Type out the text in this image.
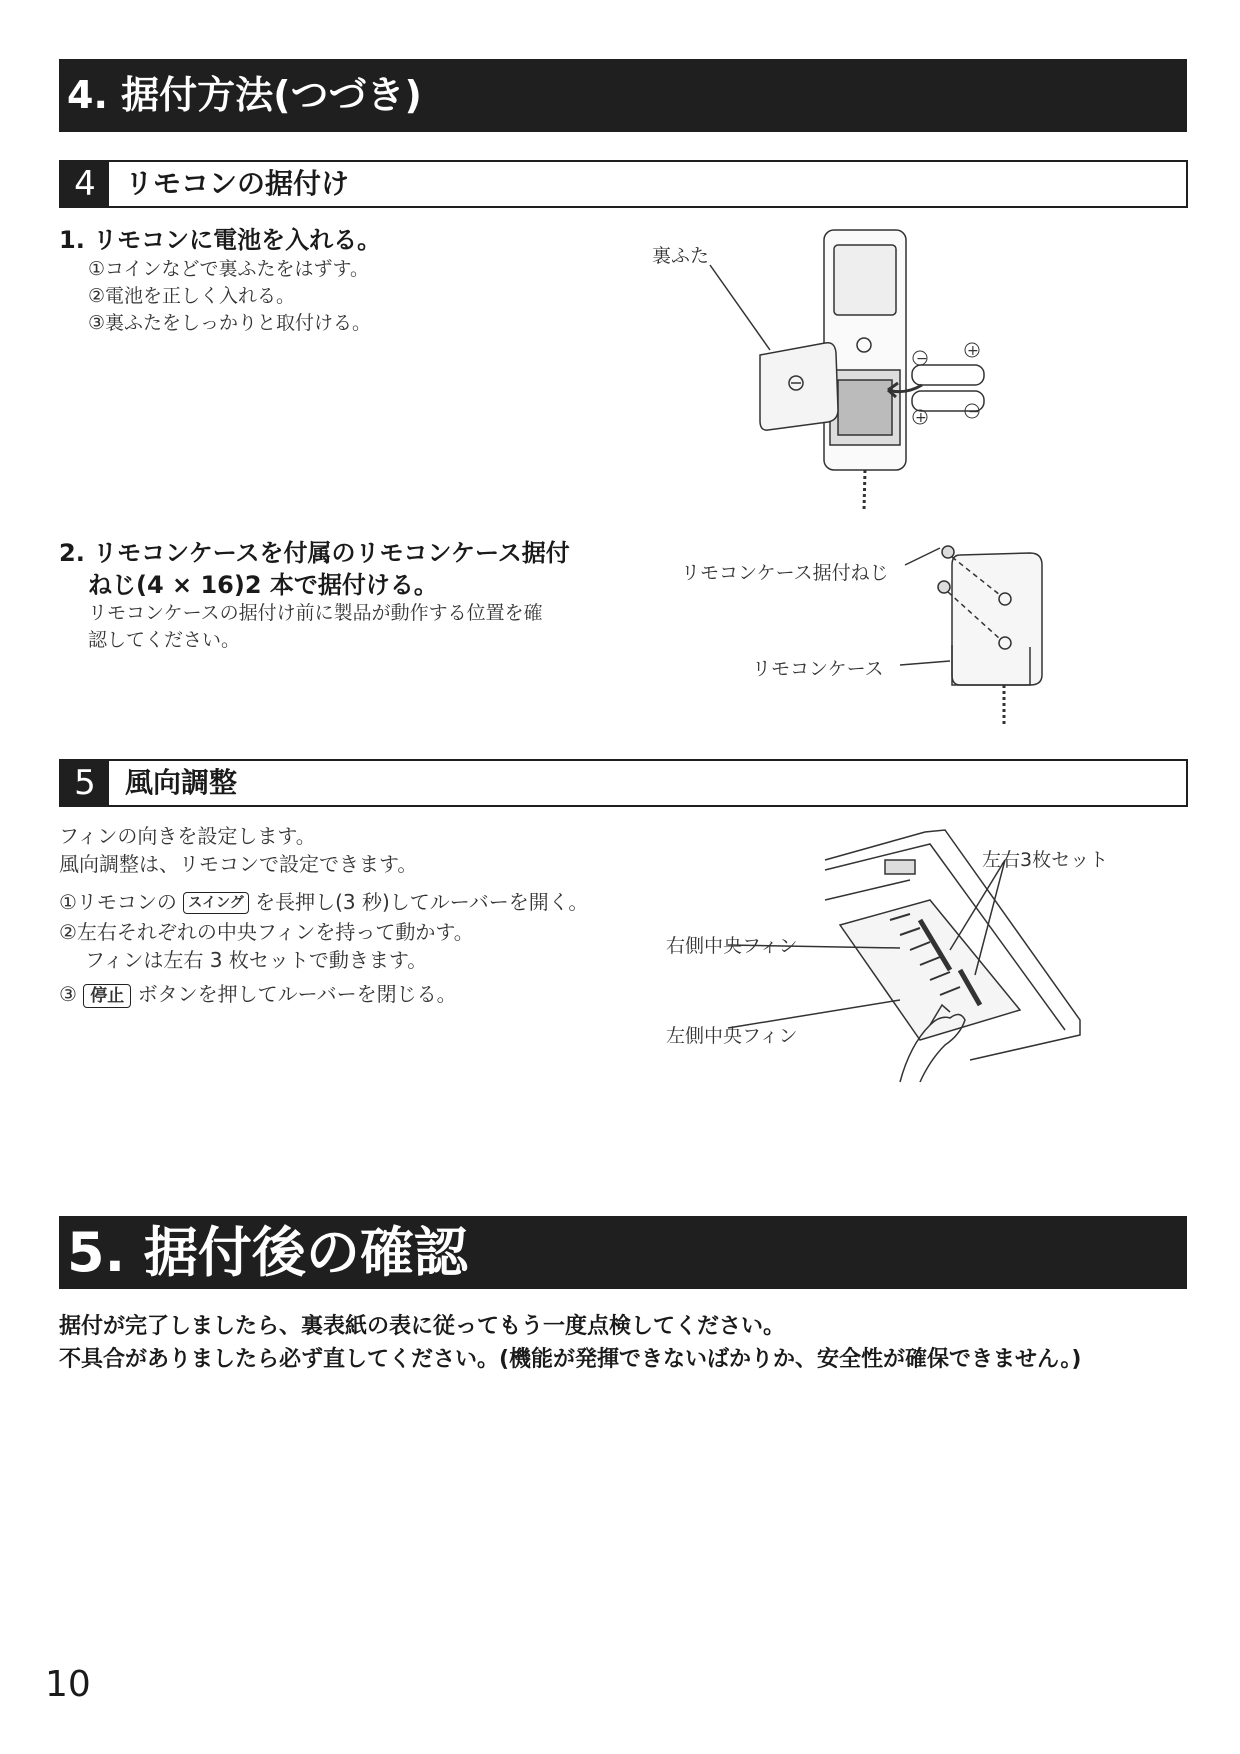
4. 据付方法(つづき)
4	リモコンの据付け
1. リモコンに電池を入れる。
①コインなどで裏ふたをはずす。
②電池を正しく入れる。
③裏ふたをしっかりと取付ける。
裏ふた
+
−
+	−
2. リモコンケースを付属のリモコンケース据付
ねじ(4 × 16)2 本で据付ける。
リモコンケースの据付け前に製品が動作する位置を確
認してください。
リモコンケース据付ねじ
リモコンケース
5	風向調整
フィンの向きを設定します。
風向調整は、リモコンで設定できます。
①リモコンの スイング を長押し(3 秒)してルーバーを開く。
②左右それぞれの中央フィンを持って動かす。
フィンは左右 3 枚セットで動きます。
③ 停止 ボタンを押してルーバーを閉じる。
左右3枚セット
右側中央フィン
左側中央フィン
5. 据付後の確認
据付が完了しましたら、裏表紙の表に従ってもう一度点検してください。
不具合がありましたら必ず直してください。(機能が発揮できないばかりか、安全性が確保できません。)
10
